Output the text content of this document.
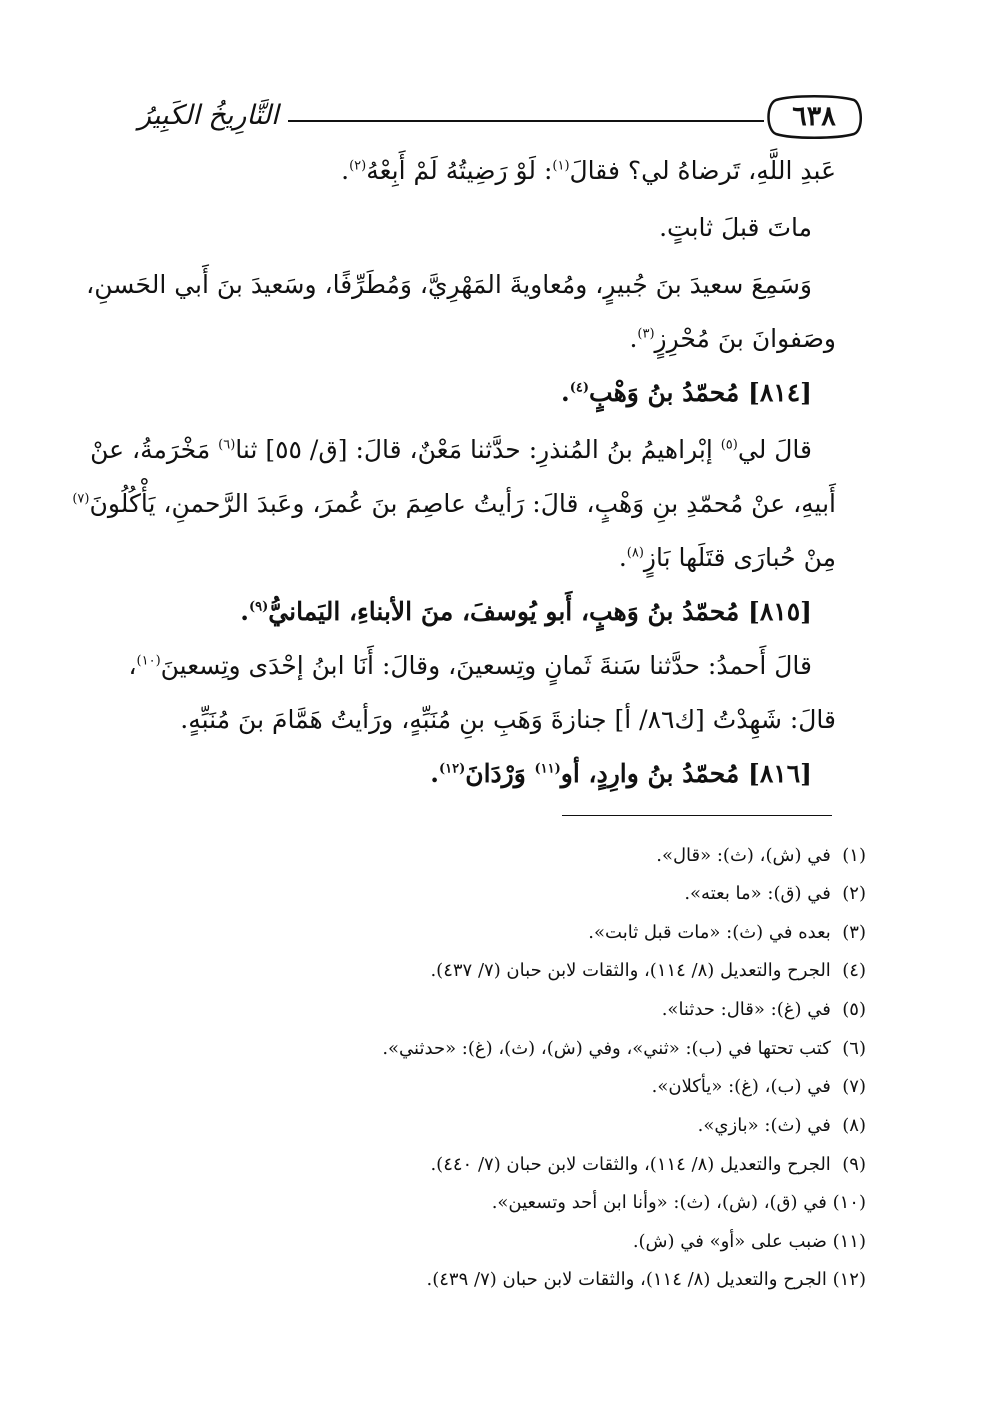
التَّارِيخُ الكَبِيرُ	٦٣٨
عَبدِ اللَّهِ، تَرضاهُ لي؟ فقالَ$^{(١)}$: لَوْ رَضِيتُهُ لَمْ أَبِعْهُ$^{(٢)}$.
ماتَ قبلَ ثابتٍ.
وَسَمِعَ سعيدَ بنَ جُبيرٍ، ومُعاويةَ المَهْرِيَّ، وَمُطَرِّفًا، وسَعيدَ بنَ أَبي الحَسنِ،
وصَفوانَ بنَ مُحْرِزٍ$^{(٣)}$.
[٨١٤] مُحمّدُ بنُ وَهْبٍ$^{(٤)}$.
قالَ لي$^{(٥)}$ إبْراهيمُ بنُ المُنذرِ: حدَّثنا مَعْنٌ، قالَ: [ق/ ٥٥] ثنا$^{(٦)}$ مَخْرَمةُ، عنْ
أَبيهِ، عنْ مُحمّدِ بنِ وَهْبٍ، قالَ: رَأيتُ عاصِمَ بنَ عُمرَ، وعَبدَ الرَّحمنِ، يَأْكُلُونَ$^{(٧)}$
مِنْ حُبارَى قتَلَها بَازٍ$^{(٨)}$.
[٨١٥] مُحمّدُ بنُ وَهبٍ، أَبو يُوسفَ، منَ الأبناءِ، اليَمانيُّ$^{(٩)}$.
قالَ أَحمدُ: حدَّثنا سَنةَ ثَمانٍ وتِسعينَ، وقالَ: أَنَا ابنُ إحْدَى وتِسعينَ$^{(١٠)}$،
قالَ: شَهِدْتُ [ك٨٦/ أ] جنازةَ وَهَبِ بنِ مُنَبِّهٍ، ورَأيتُ هَمَّامَ بنَ مُنَبِّهٍ.
[٨١٦] مُحمّدُ بنُ وارِدٍ، أو$^{(١١)}$ وَرْدَانَ$^{(١٢)}$.
(١)  في (ش)، (ث): «قال».
(٢)  في (ق): «ما بعته».
(٣)  بعده في (ث): «مات قبل ثابت».
(٤)  الجرح والتعديل (٨/ ١١٤)، والثقات لابن حبان (٧/ ٤٣٧).
(٥)  في (غ): «قال: حدثنا».
(٦)  كتب تحتها في (ب): «ثني»، وفي (ش)، (ث)، (غ): «حدثني».
(٧)  في (ب)، (غ): «يأكلان».
(٨)  في (ث): «بازي».
(٩)  الجرح والتعديل (٨/ ١١٤)، والثقات لابن حبان (٧/ ٤٤٠).
(١٠) في (ق)، (ش)، (ث): «وأنا ابن أحد وتسعين».
(١١) ضبب على «أو» في (ش).
(١٢) الجرح والتعديل (٨/ ١١٤)، والثقات لابن حبان (٧/ ٤٣٩).
